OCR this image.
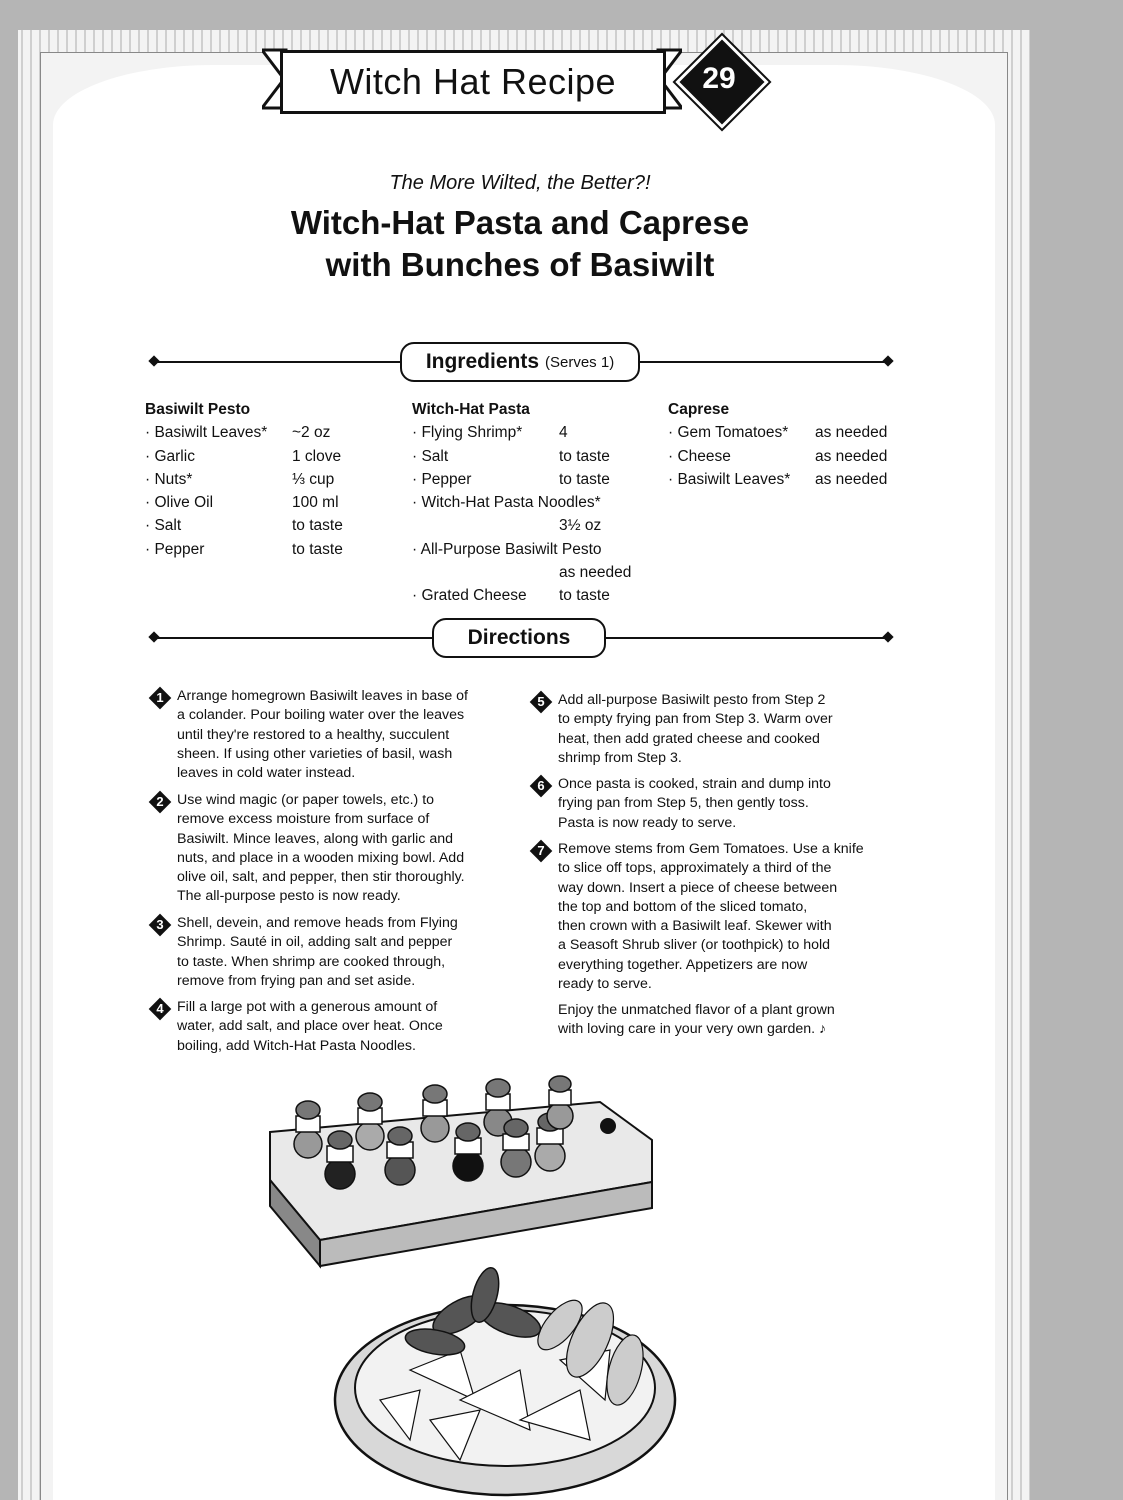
Witch Hat Recipe	29
The More Wilted, the Better?!
Witch-Hat Pasta and Caprese
with Bunches of Basiwilt
Ingredients (Serves 1)
Basiwilt Pesto
· Basiwilt Leaves*	~2 oz
· Garlic	1 clove
· Nuts*	⅓ cup
· Olive Oil	100 ml
· Salt	to taste
· Pepper	to taste
Witch-Hat Pasta
· Flying Shrimp*	4
· Salt	to taste
· Pepper	to taste
· Witch-Hat Pasta Noodles*
3½ oz
· All-Purpose Basiwilt Pesto
as needed
· Grated Cheese	to taste
Caprese
· Gem Tomatoes*	as needed
· Cheese	as needed
· Basiwilt Leaves*	as needed
Directions
1 Arrange homegrown Basiwilt leaves in base of
a colander. Pour boiling water over the leaves
until they're restored to a healthy, succulent
sheen. If using other varieties of basil, wash
leaves in cold water instead.
2 Use wind magic (or paper towels, etc.) to
remove excess moisture from surface of
Basiwilt. Mince leaves, along with garlic and
nuts, and place in a wooden mixing bowl. Add
olive oil, salt, and pepper, then stir thoroughly.
The all-purpose pesto is now ready.
3 Shell, devein, and remove heads from Flying
Shrimp. Sauté in oil, adding salt and pepper
to taste. When shrimp are cooked through,
remove from frying pan and set aside.
4 Fill a large pot with a generous amount of
water, add salt, and place over heat. Once
boiling, add Witch-Hat Pasta Noodles.
5 Add all-purpose Basiwilt pesto from Step 2
to empty frying pan from Step 3. Warm over
heat, then add grated cheese and cooked
shrimp from Step 3.
6 Once pasta is cooked, strain and dump into
frying pan from Step 5, then gently toss.
Pasta is now ready to serve.
7 Remove stems from Gem Tomatoes. Use a knife
to slice off tops, approximately a third of the
way down. Insert a piece of cheese between
the top and bottom of the sliced tomato,
then crown with a Basiwilt leaf. Skewer with
a Seasoft Shrub sliver (or toothpick) to hold
everything together. Appetizers are now
ready to serve.
Enjoy the unmatched flavor of a plant grown
with loving care in your very own garden. ♪
